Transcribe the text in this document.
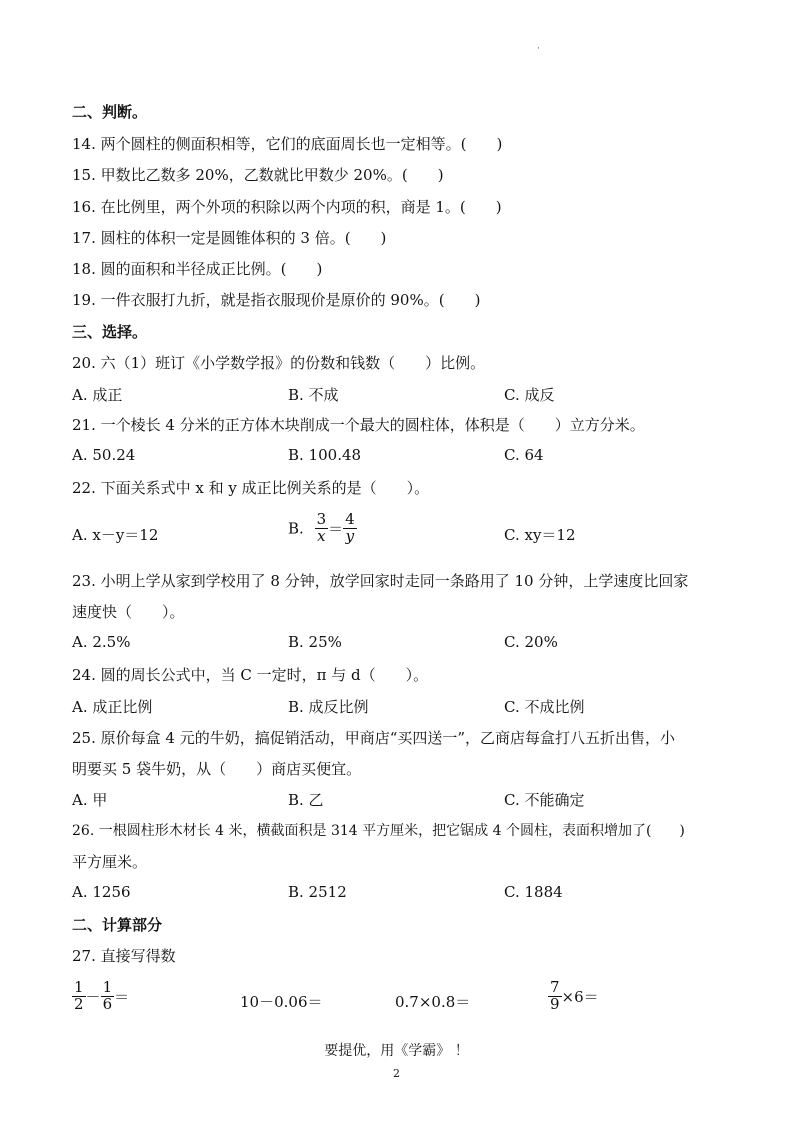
·
二、判断。
14. 两个圆柱的侧面积相等，它们的底面周长也一定相等。(　　)
15. 甲数比乙数多 20%，乙数就比甲数少 20%。(　　)
16. 在比例里，两个外项的积除以两个内项的积，商是 1。(　　)
17. 圆柱的体积一定是圆锥体积的 3 倍。(　　)
18. 圆的面积和半径成正比例。(　　)
19. 一件衣服打九折，就是指衣服现价是原价的 90%。(　　)
三、选择。
20. 六（1）班订《小学数学报》的份数和钱数（　　）比例。
A. 成正	B. 不成	C. 成反
21. 一个棱长 4 分米的正方体木块削成一个最大的圆柱体，体积是（　　）立方分米。
A. 50.24	B. 100.48	C. 64
22. 下面关系式中 x 和 y 成正比例关系的是（　　）。
A. x－y＝12	B. $\frac{3}{x} = \frac{4}{y}$	C. xy＝12
23. 小明上学从家到学校用了 8 分钟，放学回家时走同一条路用了 10 分钟，上学速度比回家
速度快（　　）。
A. 2.5%	B. 25%	C. 20%
24. 圆的周长公式中，当 C 一定时，π 与 d（　　）。
A. 成正比例	B. 成反比例	C. 不成比例
25. 原价每盒 4 元的牛奶，搞促销活动，甲商店“买四送一”，乙商店每盒打八五折出售，小
明要买 5 袋牛奶，从（　　）商店买便宜。
A. 甲	B. 乙	C. 不能确定
26. 一根圆柱形木材长 4 米，横截面积是 314 平方厘米，把它锯成 4 个圆柱，表面积增加了(　　)
平方厘米。
A. 1256	B. 2512	C. 1884
二、计算部分
27. 直接写得数
$\frac{1}{2} - \frac{1}{6}$ ＝	10－0.06＝	0.7×0.8＝	$\frac{7}{9} \times 6=$
要提优，用《学霸》 ！
2
